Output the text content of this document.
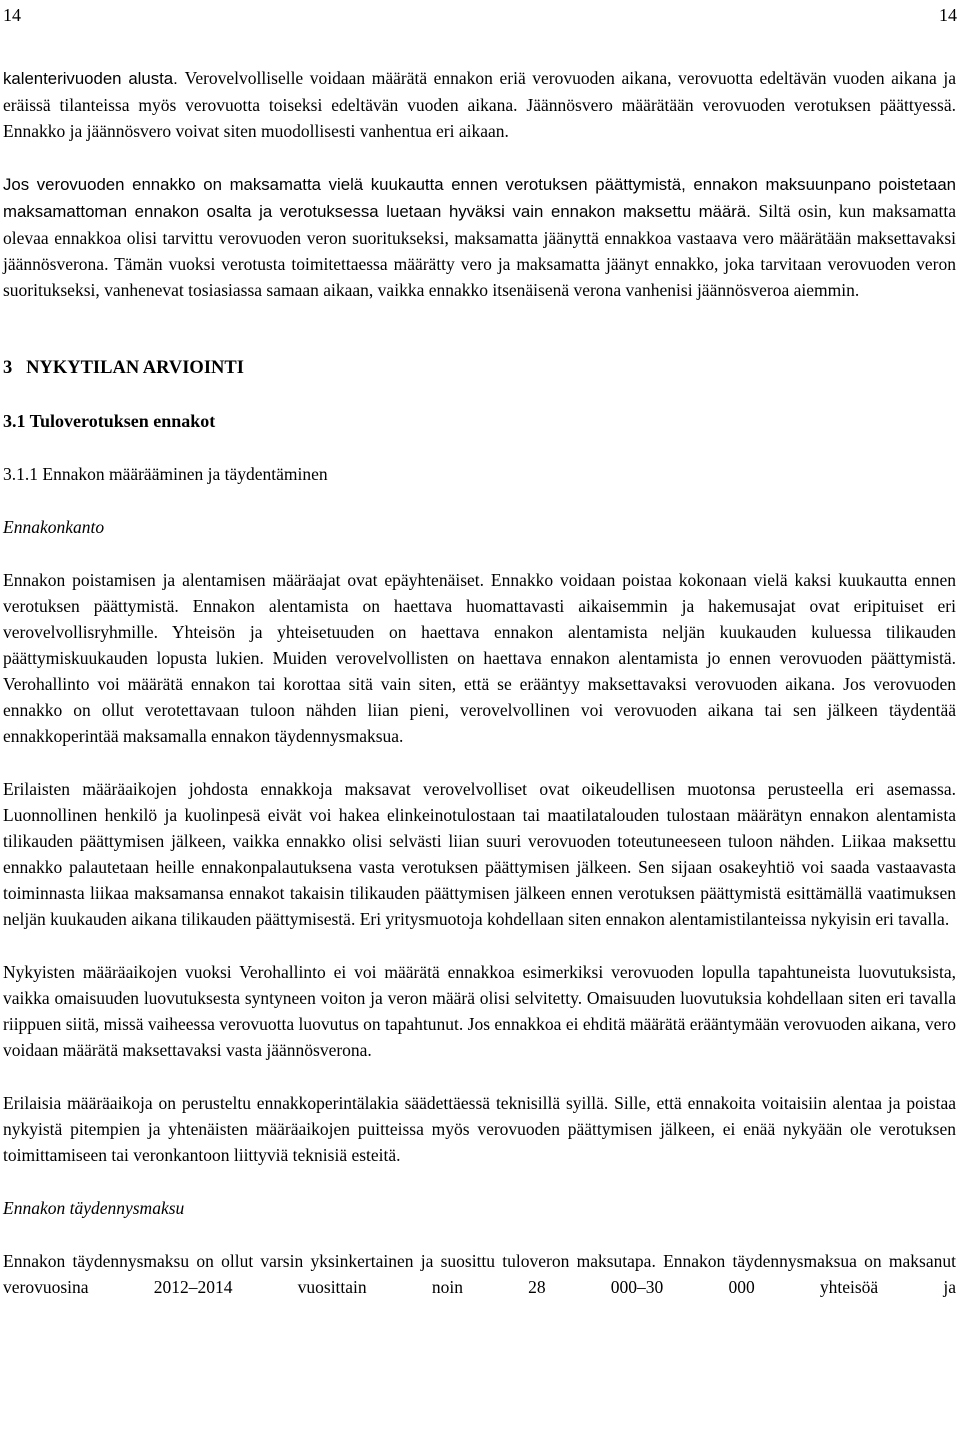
14	14

kalenterivuoden alusta. Verovelvolliselle voidaan määrätä ennakon eriä verovuoden aikana, verovuotta edeltävän vuoden aikana ja eräissä tilanteissa myös verovuotta toiseksi edeltävän vuoden aikana. Jäännösvero määrätään verovuoden verotuksen päättyessä. Ennakko ja jäännösvero voivat siten muodollisesti vanhentua eri aikaan.

Jos verovuoden ennakko on maksamatta vielä kuukautta ennen verotuksen päättymistä, ennakon maksuunpano poistetaan maksamattoman ennakon osalta ja verotuksessa luetaan hyväksi vain ennakon maksettu määrä. Siltä osin, kun maksamatta olevaa ennakkoa olisi tarvittu verovuoden veron suoritukseksi, maksamatta jäänyttä ennakkoa vastaava vero määrätään maksettavaksi jäännösverona. Tämän vuoksi verotusta toimitettaessa määrätty vero ja maksamatta jäänyt ennakko, joka tarvitaan verovuoden veron suoritukseksi, vanhenevat tosiasiassa samaan aikaan, vaikka ennakko itsenäisenä verona vanhenisi jäännösveroa aiemmin.

3   NYKYTILAN ARVIOINTI
3.1 Tuloverotuksen ennakot
3.1.1 Ennakon määrääminen ja täydentäminen

Ennakonkanto

Ennakon poistamisen ja alentamisen määräajat ovat epäyhtenäiset. Ennakko voidaan poistaa kokonaan vielä kaksi kuukautta ennen verotuksen päättymistä. Ennakon alentamista on haettava huomattavasti aikaisemmin ja hakemusajat ovat eripituiset eri verovelvollisryhmille. Yhteisön ja yhteisetuuden on haettava ennakon alentamista neljän kuukauden kuluessa tilikauden päättymiskuukauden lopusta lukien. Muiden verovelvollisten on haettava ennakon alentamista jo ennen verovuoden päättymistä. Verohallinto voi määrätä ennakon tai korottaa sitä vain siten, että se erääntyy maksettavaksi verovuoden aikana. Jos verovuoden ennakko on ollut verotettavaan tuloon nähden liian pieni, verovelvollinen voi verovuoden aikana tai sen jälkeen täydentää ennakkoperintää maksamalla ennakon täydennysmaksua.

Erilaisten määräaikojen johdosta ennakkoja maksavat verovelvolliset ovat oikeudellisen muotonsa perusteella eri asemassa. Luonnollinen henkilö ja kuolinpesä eivät voi hakea elinkeinotulostaan tai maatilatalouden tulostaan määrätyn ennakon alentamista tilikauden päättymisen jälkeen, vaikka ennakko olisi selvästi liian suuri verovuoden toteutuneeseen tuloon nähden. Liikaa maksettu ennakko palautetaan heille ennakonpalautuksena vasta verotuksen päättymisen jälkeen. Sen sijaan osakeyhtiö voi saada vastaavasta toiminnasta liikaa maksamansa ennakot takaisin tilikauden päättymisen jälkeen ennen verotuksen päättymistä esittämällä vaatimuksen neljän kuukauden aikana tilikauden päättymisestä. Eri yritysmuotoja kohdellaan siten ennakon alentamistilanteissa nykyisin eri tavalla.

Nykyisten määräaikojen vuoksi Verohallinto ei voi määrätä ennakkoa esimerkiksi verovuoden lopulla tapahtuneista luovutuksista, vaikka omaisuuden luovutuksesta syntyneen voiton ja veron määrä olisi selvitetty. Omaisuuden luovutuksia kohdellaan siten eri tavalla riippuen siitä, missä vaiheessa verovuotta luovutus on tapahtunut. Jos ennakkoa ei ehditä määrätä erääntymään verovuoden aikana, vero voidaan määrätä maksettavaksi vasta jäännösverona.

Erilaisia määräaikoja on perusteltu ennakkoperintälakia säädettäessä teknisillä syillä. Sille, että ennakoita voitaisiin alentaa ja poistaa nykyistä pitempien ja yhtenäisten määräaikojen puitteissa myös verovuoden päättymisen jälkeen, ei enää nykyään ole verotuksen toimittamiseen tai veronkantoon liittyviä teknisiä esteitä.

Ennakon täydennysmaksu

Ennakon täydennysmaksu on ollut varsin yksinkertainen ja suosittu tuloveron maksutapa. Ennakon täydennysmaksua on maksanut verovuosina 2012–2014 vuosittain noin 28 000–30 000 yhteisöä ja
